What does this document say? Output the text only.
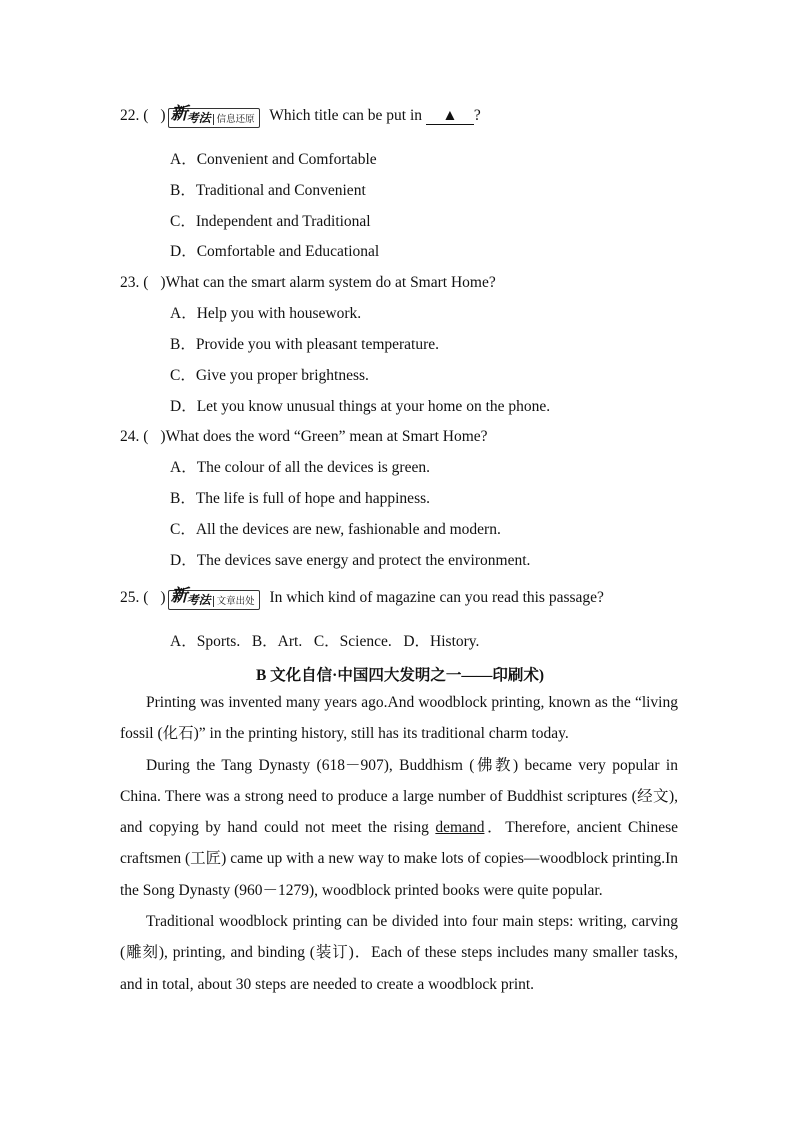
22. ( ) 新考法 信息还原 Which title can be put in ▲ ?
A．Convenient and Comfortable
B．Traditional and Convenient
C．Independent and Traditional
D．Comfortable and Educational
23. ( )What can the smart alarm system do at Smart Home?
A．Help you with housework.
B．Provide you with pleasant temperature.
C．Give you proper brightness.
D．Let you know unusual things at your home on the phone.
24. ( )What does the word “Green” mean at Smart Home?
A．The colour of all the devices is green.
B．The life is full of hope and happiness.
C．All the devices are new, fashionable and modern.
D．The devices save energy and protect the environment.
25. ( ) 新考法 文章出处 In which kind of magazine can you read this passage?
A．Sports.   B．Art.   C．Science.   D．History.
B 文化自信·中国四大发明之一——印刷术)

Printing was invented many years ago.And woodblock printing, known as the “living fossil (化石)” in the printing history, still has its traditional charm today.

During the Tang Dynasty (618－907), Buddhism (佛教) became very popular in China. There was a strong need to produce a large number of Buddhist scriptures (经文), and copying by hand could not meet the rising demand．Therefore, ancient Chinese craftsmen (工匠) came up with a new way to make lots of copies—woodblock printing.In the Song Dynasty (960－1279), woodblock printed books were quite popular.

Traditional woodblock printing can be divided into four main steps: writing, carving (雕刻), printing, and binding (装订)．Each of these steps includes many smaller tasks, and in total, about 30 steps are needed to create a woodblock print.
